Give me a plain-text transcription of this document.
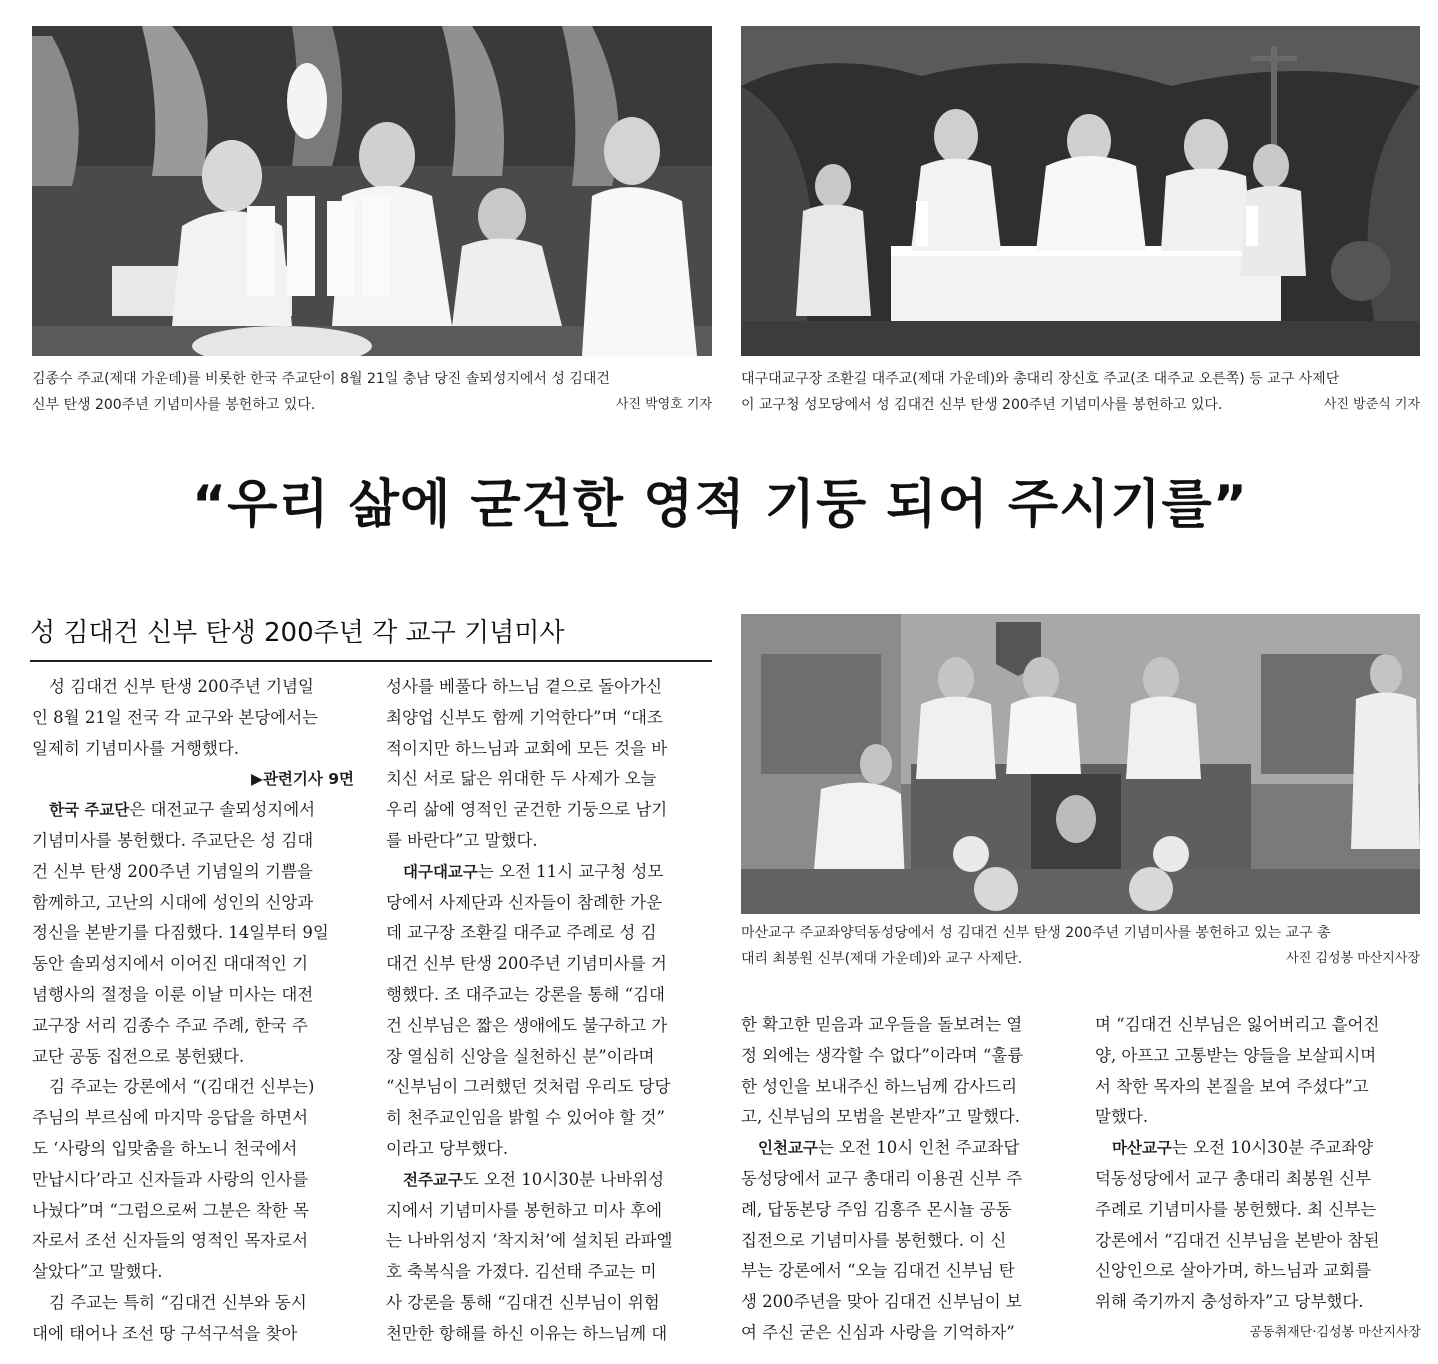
김종수 주교(제대 가운데)를 비롯한 한국 주교단이 8월 21일 충남 당진 솔뫼성지에서 성 김대건
신부 탄생 200주년 기념미사를 봉헌하고 있다.	사진 박영호 기자
대구대교구장 조환길 대주교(제대 가운데)와 총대리 장신호 주교(조 대주교 오른쪽) 등 교구 사제단
이 교구청 성모당에서 성 김대건 신부 탄생 200주년 기념미사를 봉헌하고 있다.	사진 방준식 기자
“우리 삶에 굳건한 영적 기둥 되어 주시기를”
성 김대건 신부 탄생 200주년 각 교구 기념미사
마산교구 주교좌양덕동성당에서 성 김대건 신부 탄생 200주년 기념미사를 봉헌하고 있는 교구 총
대리 최봉원 신부(제대 가운데)와 교구 사제단.	사진 김성봉 마산지사장
성 김대건 신부 탄생 200주년 기념일
인 8월 21일 전국 각 교구와 본당에서는
일제히 기념미사를 거행했다.
▶관련기사 9면
한국 주교단은 대전교구 솔뫼성지에서
기념미사를 봉헌했다. 주교단은 성 김대
건 신부 탄생 200주년 기념일의 기쁨을
함께하고, 고난의 시대에 성인의 신앙과
정신을 본받기를 다짐했다. 14일부터 9일
동안 솔뫼성지에서 이어진 대대적인 기
념행사의 절정을 이룬 이날 미사는 대전
교구장 서리 김종수 주교 주례, 한국 주
교단 공동 집전으로 봉헌됐다.
김 주교는 강론에서 “(김대건 신부는)
주님의 부르심에 마지막 응답을 하면서
도 ‘사랑의 입맞춤을 하노니 천국에서
만납시다’라고 신자들과 사랑의 인사를
나눴다”며 “그럼으로써 그분은 착한 목
자로서 조선 신자들의 영적인 목자로서
살았다”고 말했다.
김 주교는 특히 “김대건 신부와 동시
대에 태어나 조선 땅 구석구석을 찾아
성사를 베풀다 하느님 곁으로 돌아가신
최양업 신부도 함께 기억한다”며 “대조
적이지만 하느님과 교회에 모든 것을 바
치신 서로 닮은 위대한 두 사제가 오늘
우리 삶에 영적인 굳건한 기둥으로 남기
를 바란다”고 말했다.
대구대교구는 오전 11시 교구청 성모
당에서 사제단과 신자들이 참례한 가운
데 교구장 조환길 대주교 주례로 성 김
대건 신부 탄생 200주년 기념미사를 거
행했다. 조 대주교는 강론을 통해 “김대
건 신부님은 짧은 생애에도 불구하고 가
장 열심히 신앙을 실천하신 분”이라며
“신부님이 그러했던 것처럼 우리도 당당
히 천주교인임을 밝힐 수 있어야 할 것”
이라고 당부했다.
전주교구도 오전 10시30분 나바위성
지에서 기념미사를 봉헌하고 미사 후에
는 나바위성지 ‘착지처’에 설치된 라파엘
호 축복식을 가졌다. 김선태 주교는 미
사 강론을 통해 “김대건 신부님이 위험
천만한 항해를 하신 이유는 하느님께 대
한 확고한 믿음과 교우들을 돌보려는 열
정 외에는 생각할 수 없다”이라며 “훌륭
한 성인을 보내주신 하느님께 감사드리
고, 신부님의 모범을 본받자”고 말했다.
인천교구는 오전 10시 인천 주교좌답
동성당에서 교구 총대리 이용권 신부 주
례, 답동본당 주임 김흥주 몬시뇰 공동
집전으로 기념미사를 봉헌했다. 이 신
부는 강론에서 “오늘 김대건 신부님 탄
생 200주년을 맞아 김대건 신부님이 보
여 주신 굳은 신심과 사랑을 기억하자”
며 “김대건 신부님은 잃어버리고 흩어진
양, 아프고 고통받는 양들을 보살피시며
서 착한 목자의 본질을 보여 주셨다”고
말했다.
마산교구는 오전 10시30분 주교좌양
덕동성당에서 교구 총대리 최봉원 신부
주례로 기념미사를 봉헌했다. 최 신부는
강론에서 “김대건 신부님을 본받아 참된
신앙인으로 살아가며, 하느님과 교회를
위해 죽기까지 충성하자”고 당부했다.
공동취재단·김성봉 마산지사장
